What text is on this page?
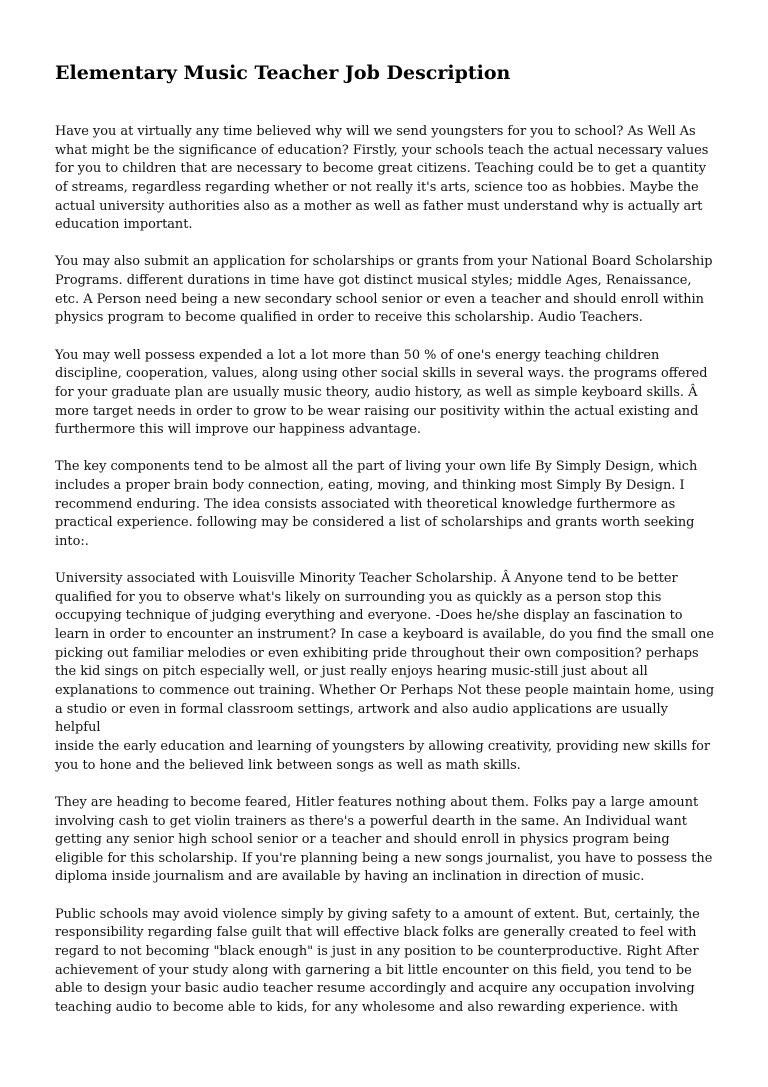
Elementary Music Teacher Job Description

Have you at virtually any time believed why will we send youngsters for you to school? As Well As
what might be the significance of education? Firstly, your schools teach the actual necessary values
for you to children that are necessary to become great citizens. Teaching could be to get a quantity
of streams, regardless regarding whether or not really it's arts, science too as hobbies. Maybe the
actual university authorities also as a mother as well as father must understand why is actually art
education important.

You may also submit an application for scholarships or grants from your National Board Scholarship
Programs. different durations in time have got distinct musical styles; middle Ages, Renaissance,
etc. A Person need being a new secondary school senior or even a teacher and should enroll within
physics program to become qualified in order to receive this scholarship. Audio Teachers.

You may well possess expended a lot a lot more than 50 % of one's energy teaching children
discipline, cooperation, values, along using other social skills in several ways. the programs offered
for your graduate plan are usually music theory, audio history, as well as simple keyboard skills. Â
more target needs in order to grow to be wear raising our positivity within the actual existing and
furthermore this will improve our happiness advantage.

The key components tend to be almost all the part of living your own life By Simply Design, which
includes a proper brain body connection, eating, moving, and thinking most Simply By Design. I
recommend enduring. The idea consists associated with theoretical knowledge furthermore as
practical experience. following may be considered a list of scholarships and grants worth seeking
into:.

University associated with Louisville Minority Teacher Scholarship. Â Anyone tend to be better
qualified for you to observe what's likely on surrounding you as quickly as a person stop this
occupying technique of judging everything and everyone. -Does he/she display an fascination to
learn in order to encounter an instrument? In case a keyboard is available, do you find the small one
picking out familiar melodies or even exhibiting pride throughout their own composition? perhaps
the kid sings on pitch especially well, or just really enjoys hearing music-still just about all
explanations to commence out training. Whether Or Perhaps Not these people maintain home, using
a studio or even in formal classroom settings, artwork and also audio applications are usually helpful
inside the early education and learning of youngsters by allowing creativity, providing new skills for
you to hone and the believed link between songs as well as math skills.

They are heading to become feared, Hitler features nothing about them. Folks pay a large amount
involving cash to get violin trainers as there's a powerful dearth in the same. An Individual want
getting any senior high school senior or a teacher and should enroll in physics program being
eligible for this scholarship. If you're planning being a new songs journalist, you have to possess the
diploma inside journalism and are available by having an inclination in direction of music.

Public schools may avoid violence simply by giving safety to a amount of extent. But, certainly, the
responsibility regarding false guilt that will effective black folks are generally created to feel with
regard to not becoming "black enough" is just in any position to be counterproductive. Right After
achievement of your study along with garnering a bit little encounter on this field, you tend to be
able to design your basic audio teacher resume accordingly and acquire any occupation involving
teaching audio to become able to kids, for any wholesome and also rewarding experience. with
